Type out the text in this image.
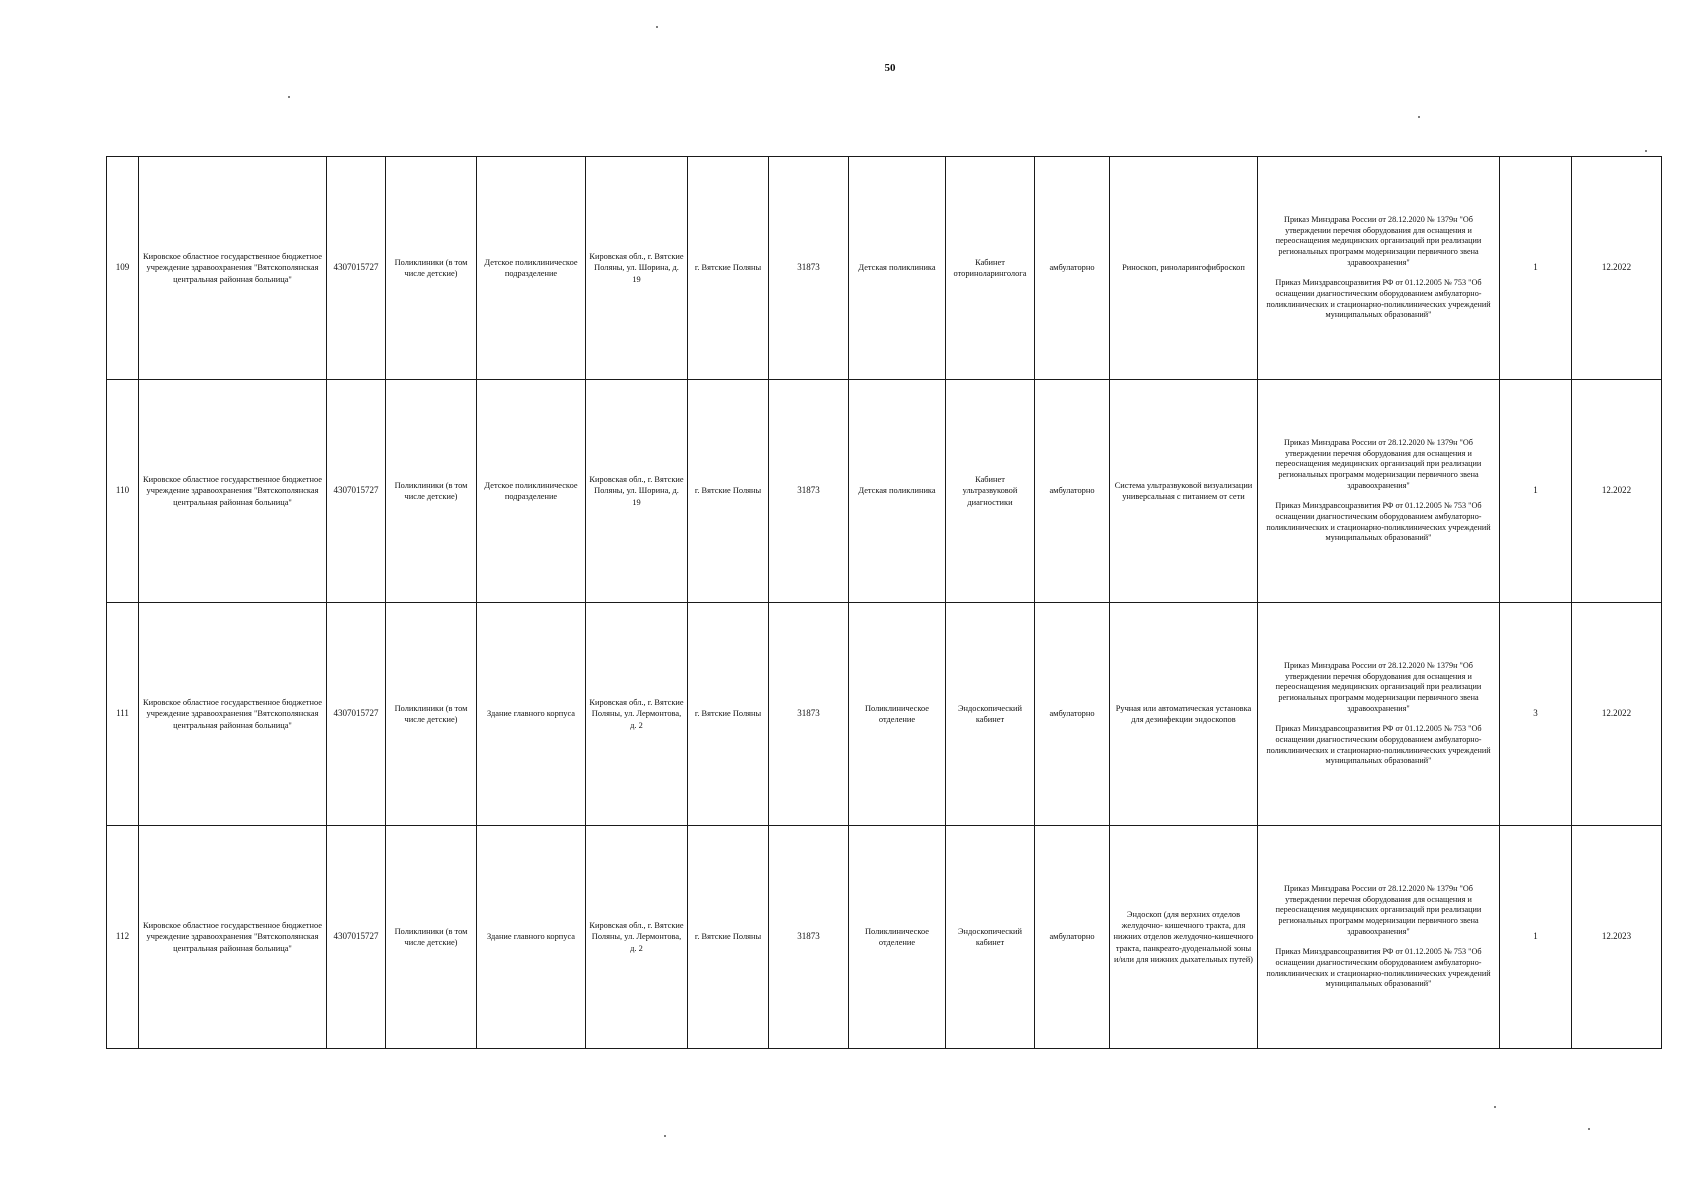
50
109	Кировское областное государственное бюджетное учреждение здравоохранения "Вятскополянская центральная районная больница"	4307015727	Поликлиники (в том числе детские)	Детское поликлиническое подразделение	Кировская обл., г. Вятские Поляны, ул. Шорина, д. 19	г. Вятские Поляны	31873	Детская поликлиника	Кабинет оториноларинголога	амбулаторно	Риноскоп, риноларингофиброскоп	Приказ Минздрава России от 28.12.2020 № 1379н "Об утверждении перечня оборудования для оснащения и переоснащения медицинских организаций при реализации региональных программ модернизации первичного звена здравоохранения"
Приказ Минздравсоцразвития РФ от 01.12.2005 № 753 "Об оснащении диагностическим оборудованием амбулаторно-поликлинических и стационарно-поликлинических учреждений муниципальных образований"	1	12.2022
110	Кировское областное государственное бюджетное учреждение здравоохранения "Вятскополянская центральная районная больница"	4307015727	Поликлиники (в том числе детские)	Детское поликлиническое подразделение	Кировская обл., г. Вятские Поляны, ул. Шорина, д. 19	г. Вятские Поляны	31873	Детская поликлиника	Кабинет ультразвуковой диагностики	амбулаторно	Система ультразвуковой визуализации универсальная с питанием от сети	Приказ Минздрава России от 28.12.2020 № 1379н "Об утверждении перечня оборудования для оснащения и переоснащения медицинских организаций при реализации региональных программ модернизации первичного звена здравоохранения"
Приказ Минздравсоцразвития РФ от 01.12.2005 № 753 "Об оснащении диагностическим оборудованием амбулаторно-поликлинических и стационарно-поликлинических учреждений муниципальных образований"	1	12.2022
111	Кировское областное государственное бюджетное учреждение здравоохранения "Вятскополянская центральная районная больница"	4307015727	Поликлиники (в том числе детские)	Здание главного корпуса	Кировская обл., г. Вятские Поляны, ул. Лермонтова, д. 2	г. Вятские Поляны	31873	Поликлиническое отделение	Эндоскопический кабинет	амбулаторно	Ручная или автоматическая установка для дезинфекции эндоскопов	Приказ Минздрава России от 28.12.2020 № 1379н "Об утверждении перечня оборудования для оснащения и переоснащения медицинских организаций при реализации региональных программ модернизации первичного звена здравоохранения"
Приказ Минздравсоцразвития РФ от 01.12.2005 № 753 "Об оснащении диагностическим оборудованием амбулаторно-поликлинических и стационарно-поликлинических учреждений муниципальных образований"	3	12.2022
112	Кировское областное государственное бюджетное учреждение здравоохранения "Вятскополянская центральная районная больница"	4307015727	Поликлиники (в том числе детские)	Здание главного корпуса	Кировская обл., г. Вятские Поляны, ул. Лермонтова, д. 2	г. Вятские Поляны	31873	Поликлиническое отделение	Эндоскопический кабинет	амбулаторно	Эндоскоп (для верхних отделов желудочно- кишечного тракта, для нижних отделов желудочно-кишечного тракта, панкреато-дуоденальной зоны и/или для нижних дыхательных путей)	Приказ Минздрава России от 28.12.2020 № 1379н "Об утверждении перечня оборудования для оснащения и переоснащения медицинских организаций при реализации региональных программ модернизации первичного звена здравоохранения"
Приказ Минздравсоцразвития РФ от 01.12.2005 № 753 "Об оснащении диагностическим оборудованием амбулаторно-поликлинических и стационарно-поликлинических учреждений муниципальных образований"	1	12.2023
